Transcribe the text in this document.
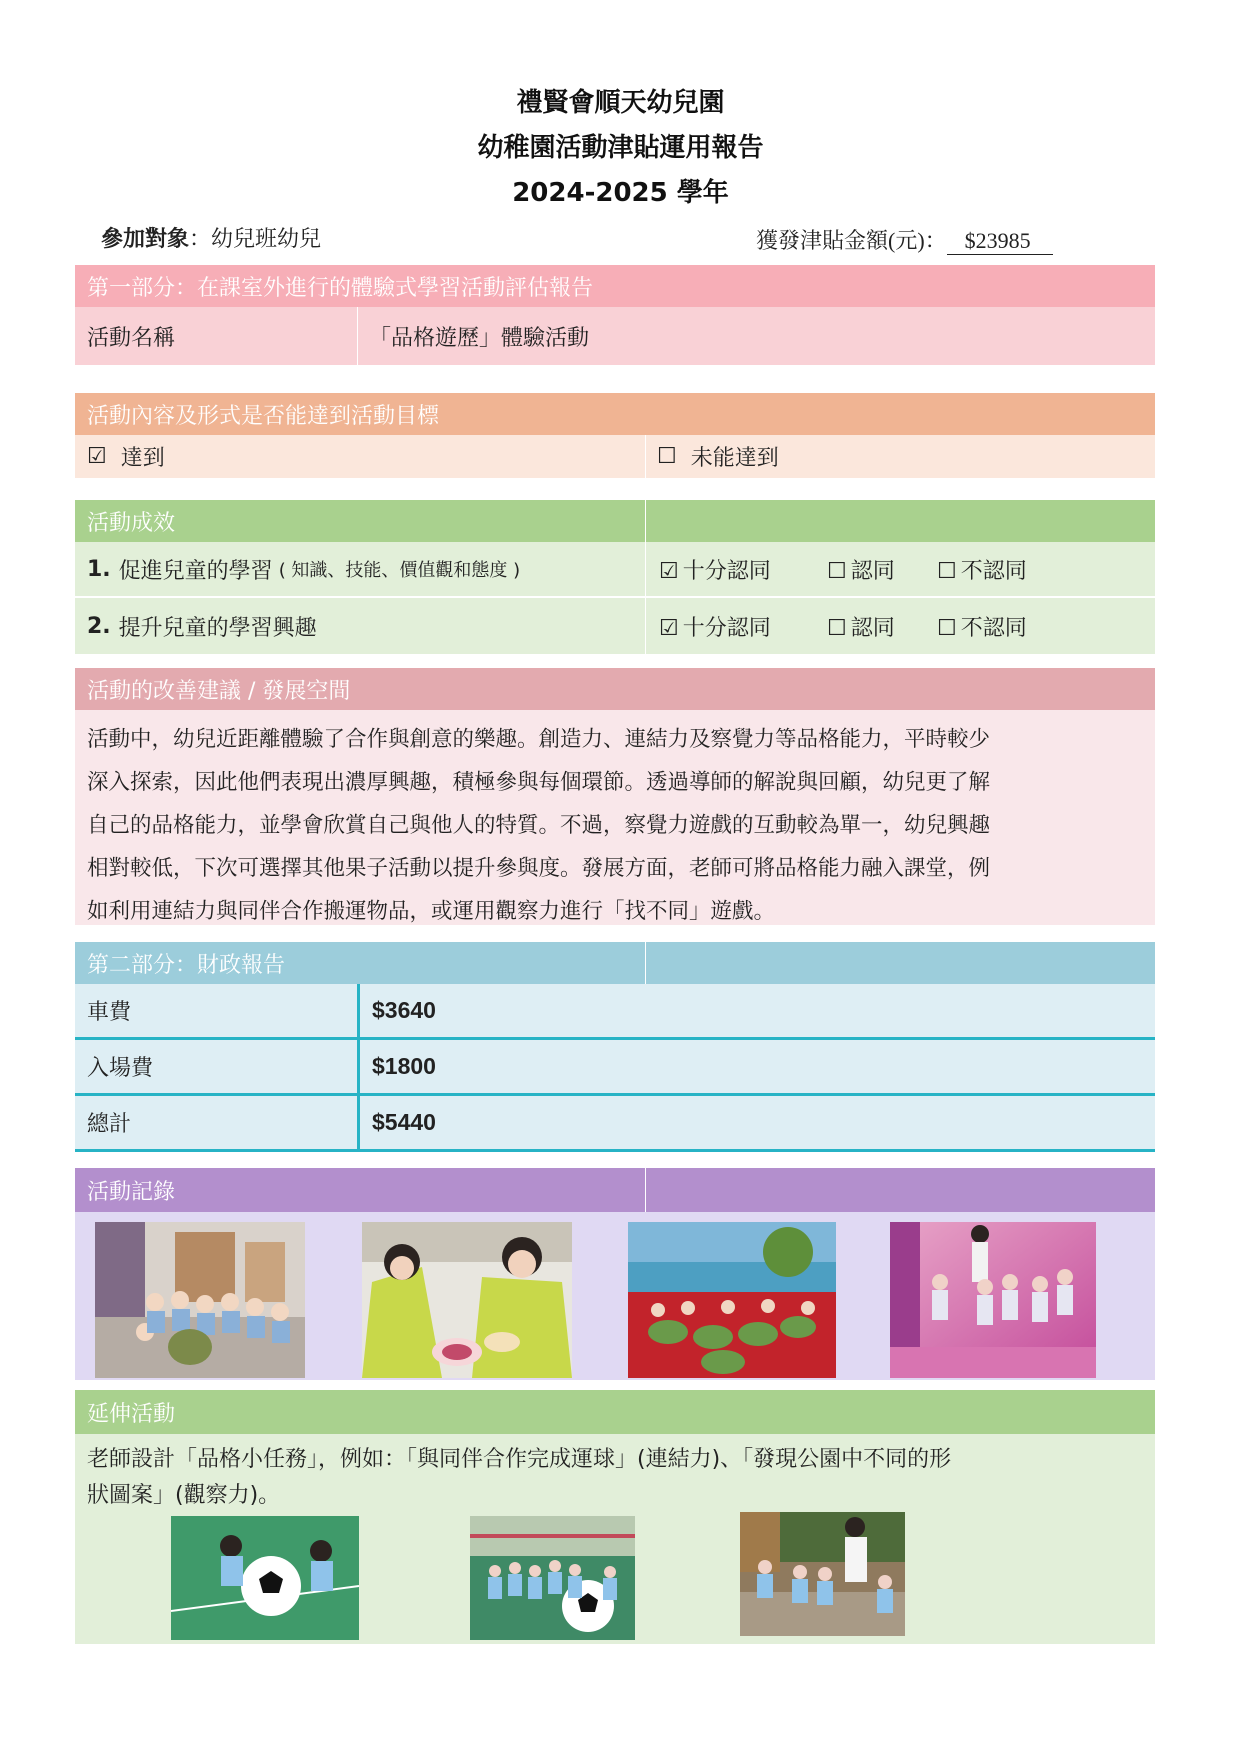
禮賢會順天幼兒園
幼稚園活動津貼運用報告
2024-2025 學年
參加對象：幼兒班幼兒	獲發津貼金額(元)： $23985
第一部分：在課室外進行的體驗式學習活動評估報告
活動名稱	「品格遊歷」體驗活動
活動內容及形式是否能達到活動目標
☑ 達到	☐ 未能達到
活動成效
1. 促進兒童的學習 ( 知識、技能、價值觀和態度 )	☑ 十分認同	☐ 認同	☐ 不認同
2. 提升兒童的學習興趣	☑ 十分認同	☐ 認同	☐ 不認同
活動的改善建議 / 發展空間
活動中，幼兒近距離體驗了合作與創意的樂趣。創造力、連結力及察覺力等品格能力，平時較少
深入探索，因此他們表現出濃厚興趣，積極參與每個環節。透過導師的解說與回顧，幼兒更了解
自己的品格能力，並學會欣賞自己與他人的特質。不過，察覺力遊戲的互動較為單一，幼兒興趣
相對較低，下次可選擇其他果子活動以提升參與度。發展方面，老師可將品格能力融入課堂，例
如利用連結力與同伴合作搬運物品，或運用觀察力進行「找不同」遊戲。
第二部分：財政報告
車費	$3640
入場費	$1800
總計	$5440
活動記錄
延伸活動
老師設計「品格小任務」，例如：「與同伴合作完成運球」(連結力)、「發現公園中不同的形
狀圖案」(觀察力)。
